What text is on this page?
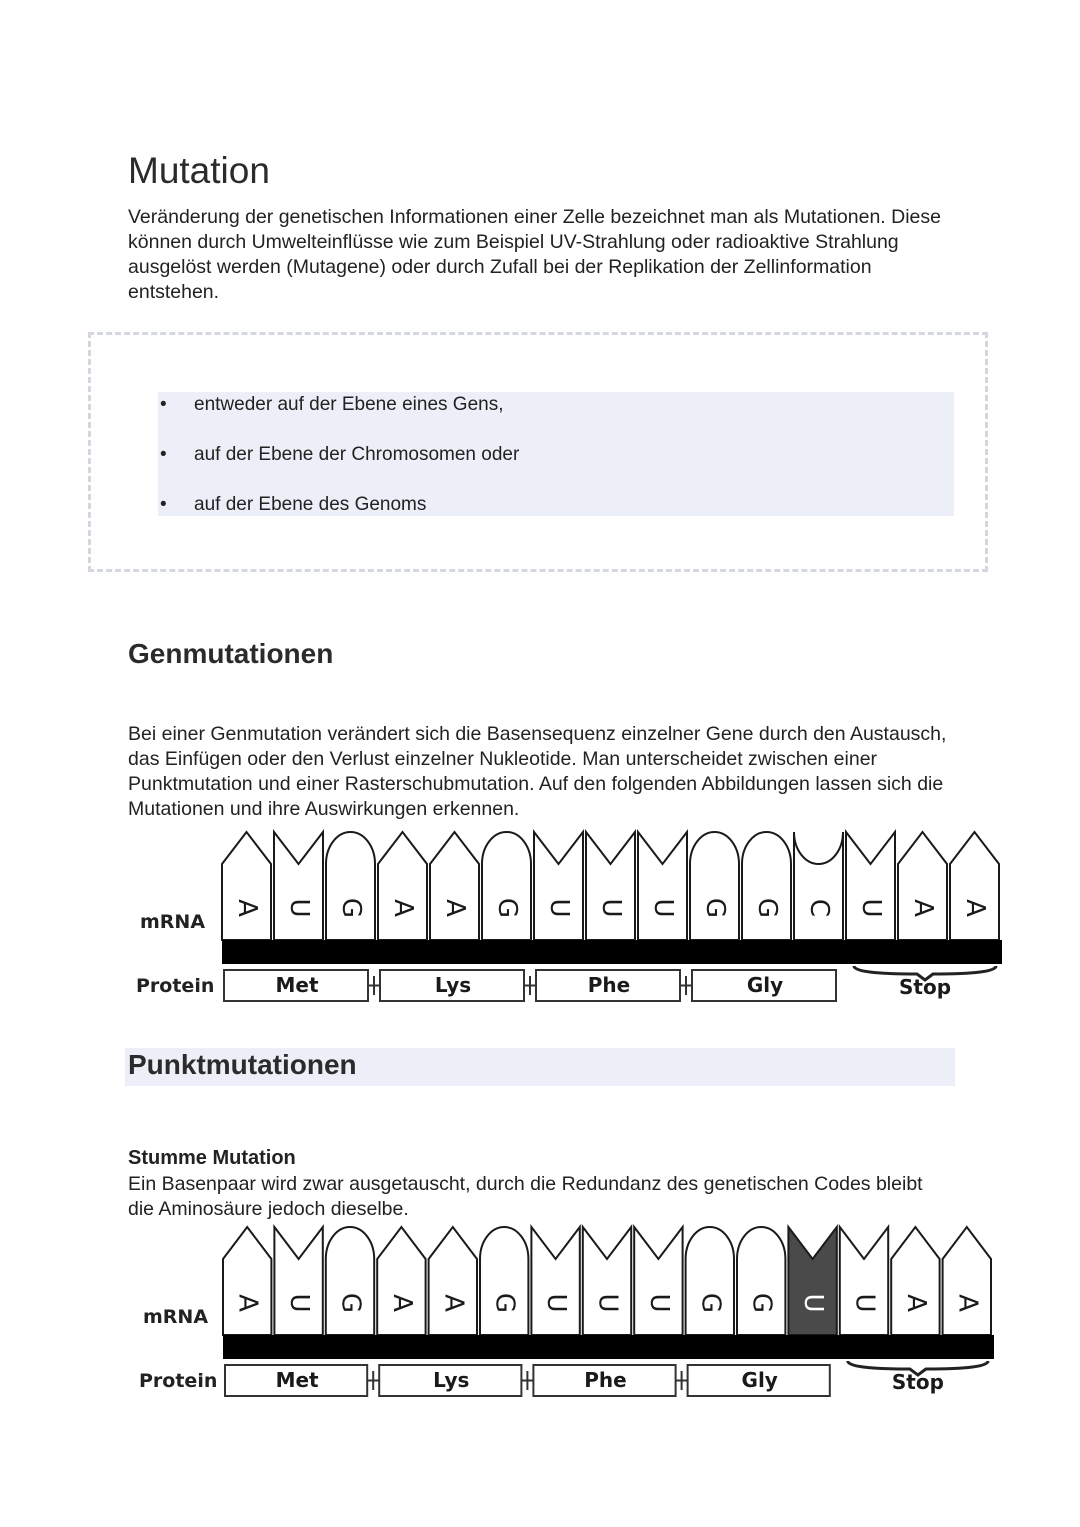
Mutation

Veränderung der genetischen Informationen einer Zelle bezeichnet man als Mutationen. Diese können durch Umwelteinflüsse wie zum Beispiel UV-Strahlung oder radioaktive Strahlung ausgelöst werden (Mutagene) oder durch Zufall bei der Replikation der Zellinformation entstehen.

•	entweder auf der Ebene eines Gens,
•	auf der Ebene der Chromosomen oder
•	auf der Ebene des Genoms
Genmutationen

Bei einer Genmutation verändert sich die Basensequenz einzelner Gene durch den Austausch, das Einfügen oder den Verlust einzelner Nukleotide. Man unterscheidet zwischen einer Punktmutation und einer Rasterschubmutation. Auf den folgenden Abbildungen lassen sich die Mutationen und ihre Auswirkungen erkennen.

A U G A A G U U U G G C U A A
mRNA
Protein	Met	Lys	Phe	Gly	Stop
Punktmutationen
Stumme Mutation

Ein Basenpaar wird zwar ausgetauscht, durch die Redundanz des genetischen Codes bleibt die Aminosäure jedoch dieselbe.

A U G A A G U U U G G U U A A
mRNA
Protein	Met	Lys	Phe	Gly	Stop
